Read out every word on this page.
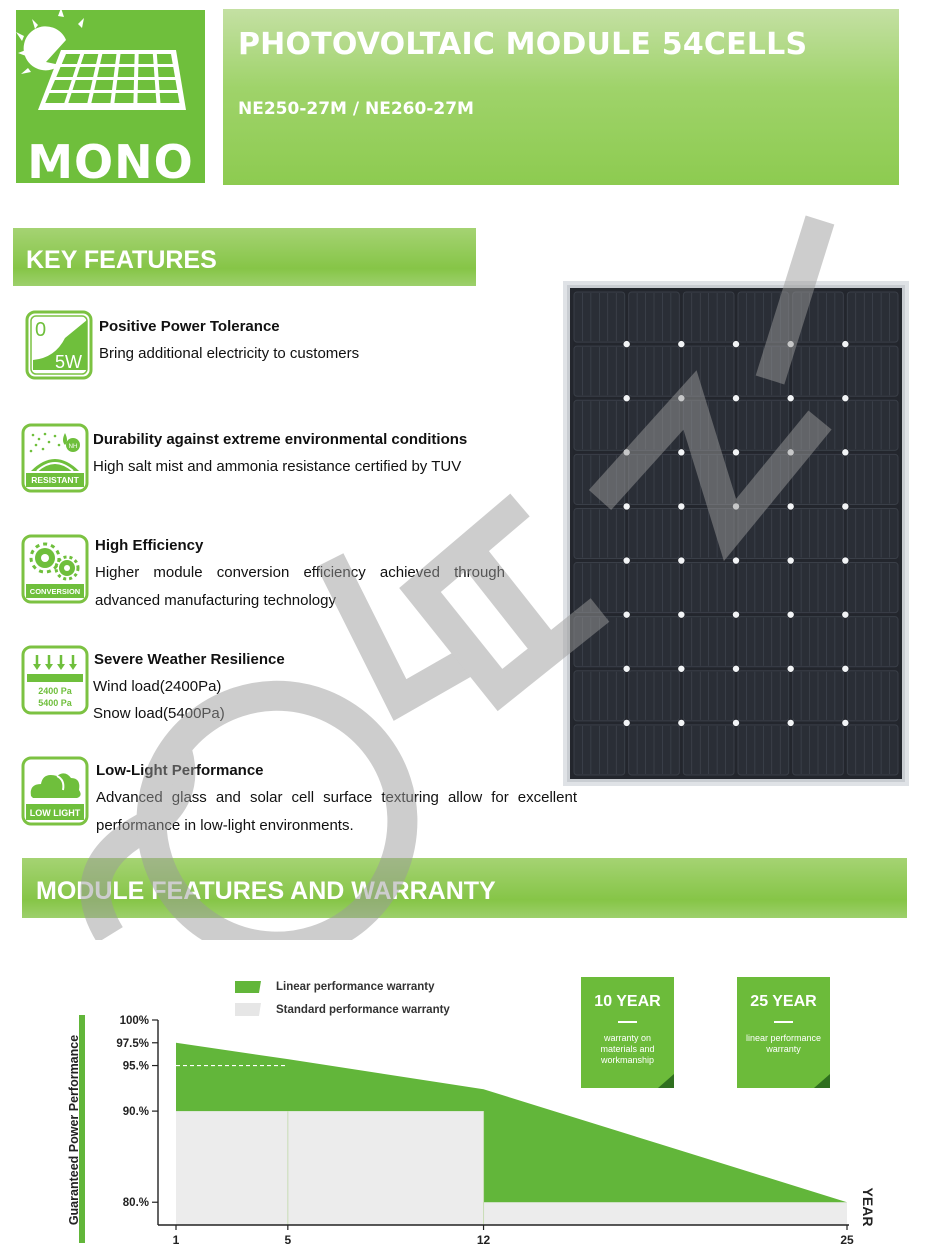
MONO
PHOTOVOLTAIC MODULE 54CELLS

NE250-27M / NE260-27M

KEY FEATURES
0
5W
Positive Power Tolerance
Bring additional electricity to customers
NH
RESISTANT
Durability against extreme environmental conditions
High salt mist and ammonia resistance certified by TUV
CONVERSION
High Efficiency
Higher module conversion efficiency achieved through
advanced manufacturing technology
2400 Pa
5400 Pa
Severe Weather Resilience
Wind load(2400Pa)
Snow load(5400Pa)
LOW LIGHT
Low-Light Performance
Advanced glass and solar cell surface texturing allow for excellent
performance in low-light environments.
MODULE FEATURES AND WARRANTY
100%
97.5%
95.%
90.%
80.%
1	5	12	25
Linear performance warranty
Standard performance warranty
Guaranteed Power Performance	YEAR
10 YEAR
warranty on materials and workmanship
25 YEAR
linear performance warranty
